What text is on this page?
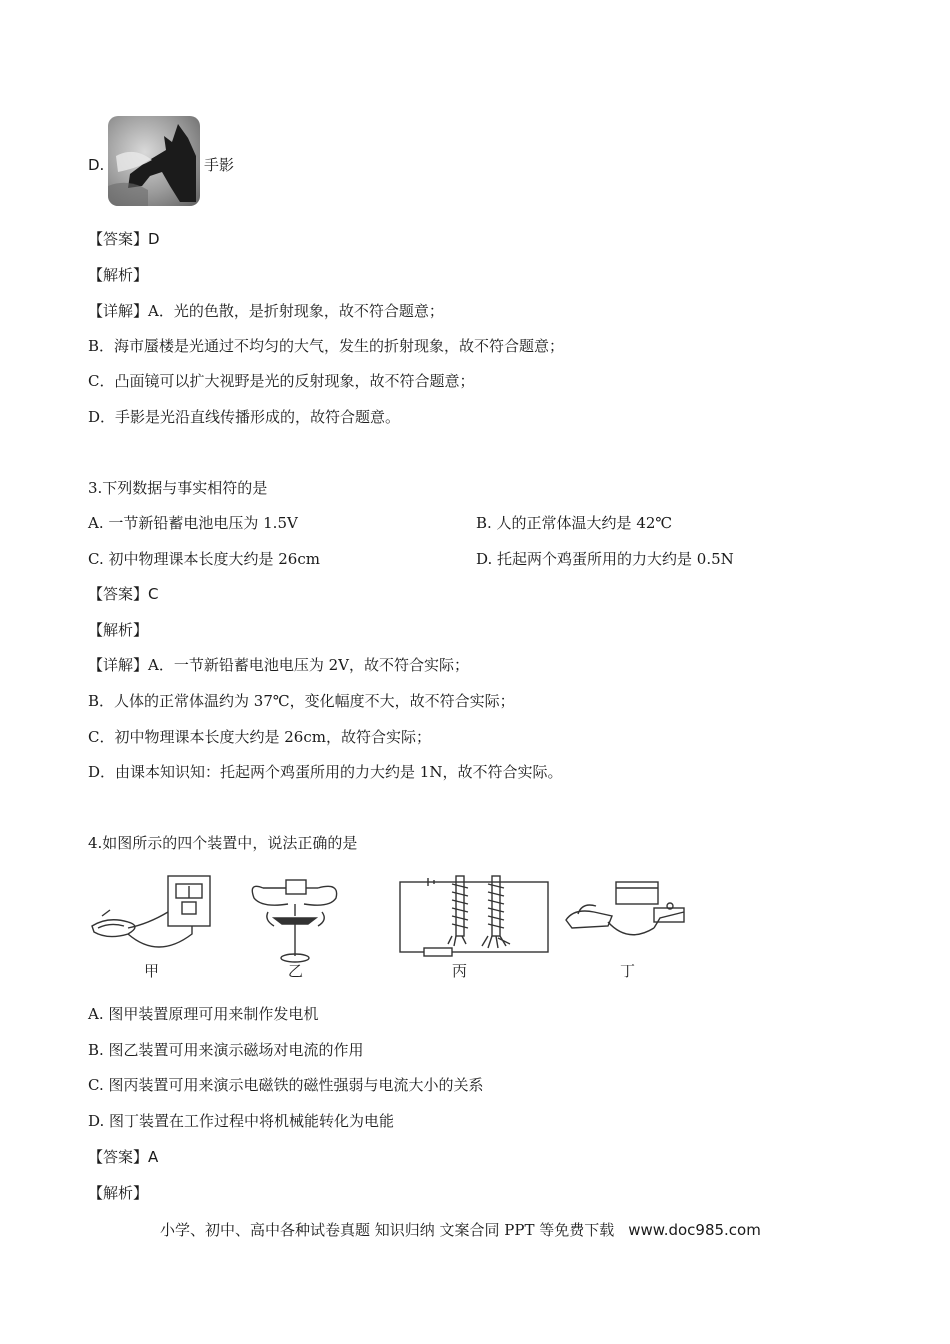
D.	手影
【答案】D
【解析】
【详解】A．光的色散，是折射现象，故不符合题意；
B．海市蜃楼是光通过不均匀的大气，发生的折射现象，故不符合题意；
C．凸面镜可以扩大视野是光的反射现象，故不符合题意；
D．手影是光沿直线传播形成的，故符合题意。
3.下列数据与事实相符的是
A. 一节新铅蓄电池电压为 1.5V	B. 人的正常体温大约是 42℃
C. 初中物理课本长度大约是 26cm	D. 托起两个鸡蛋所用的力大约是 0.5N
【答案】C
【解析】
【详解】A．一节新铅蓄电池电压为 2V，故不符合实际；
B．人体的正常体温约为 37℃，变化幅度不大，故不符合实际；
C．初中物理课本长度大约是 26cm，故符合实际；
D．由课本知识知：托起两个鸡蛋所用的力大约是 1N，故不符合实际。
4.如图所示的四个装置中，说法正确的是
甲	乙	丙	丁
A. 图甲装置原理可用来制作发电机
B. 图乙装置可用来演示磁场对电流的作用
C. 图丙装置可用来演示电磁铁的磁性强弱与电流大小的关系
D. 图丁装置在工作过程中将机械能转化为电能
【答案】A
【解析】
小学、初中、高中各种试卷真题 知识归纳 文案合同 PPT 等免费下载 www.doc985.com
